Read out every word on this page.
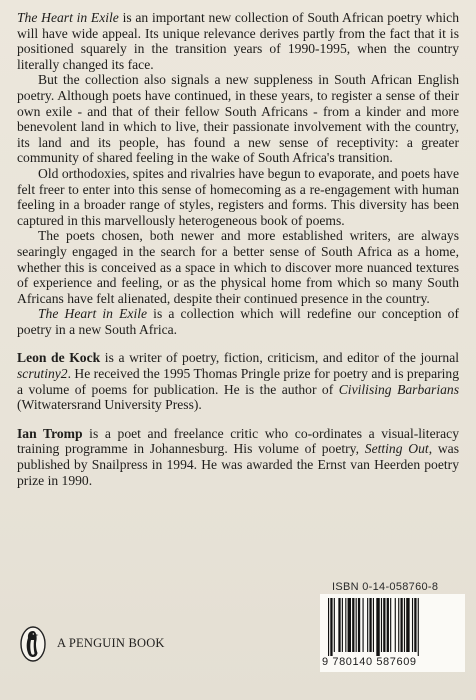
The Heart in Exile is an important new collection of South African poetry which will have wide appeal. Its unique relevance derives partly from the fact that it is positioned squarely in the transition years of 1990-1995, when the country literally changed its face.

But the collection also signals a new suppleness in South African English poetry. Although poets have continued, in these years, to register a sense of their own exile - and that of their fellow South Africans - from a kinder and more benevolent land in which to live, their passionate involvement with the country, its land and its people, has found a new sense of receptivity: a greater community of shared feeling in the wake of South Africa's transition.

Old orthodoxies, spites and rivalries have begun to evaporate, and poets have felt freer to enter into this sense of homecoming as a re-engagement with human feeling in a broader range of styles, registers and forms. This diversity has been captured in this marvellously heterogeneous book of poems.

The poets chosen, both newer and more established writers, are always searingly engaged in the search for a better sense of South Africa as a home, whether this is conceived as a space in which to discover more nuanced textures of experience and feeling, or as the physical home from which so many South Africans have felt alienated, despite their continued presence in the country.

The Heart in Exile is a collection which will redefine our conception of poetry in a new South Africa.

Leon de Kock is a writer of poetry, fiction, criticism, and editor of the journal scrutiny2. He received the 1995 Thomas Pringle prize for poetry and is preparing a volume of poems for publication. He is the author of Civilising Barbarians (Witwatersrand University Press).

Ian Tromp is a poet and freelance critic who co-ordinates a visual-literacy training programme in Johannesburg. His volume of poetry, Setting Out, was published by Snailpress in 1994. He was awarded the Ernst van Heerden poetry prize in 1990.

ISBN 0-14-058760-8
9 780140 587609
A PENGUIN BOOK
